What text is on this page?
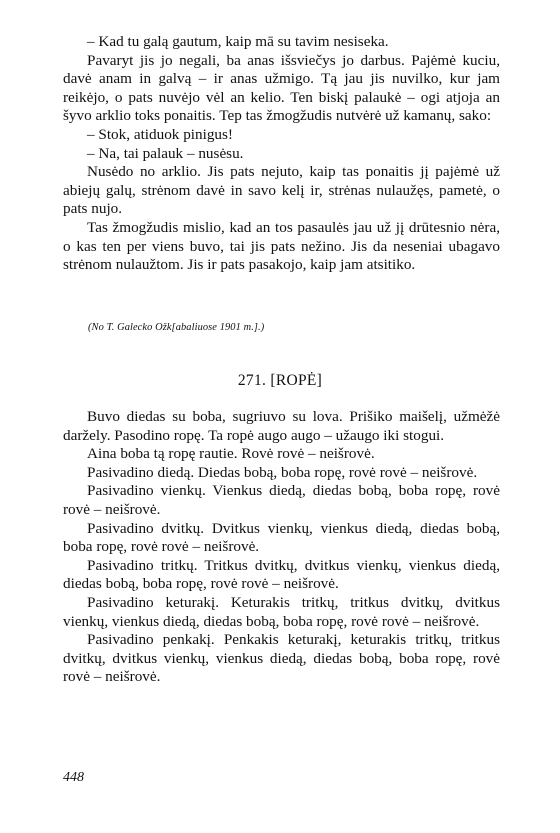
– Kad tu galą gautum, kaip mā su tavim nesiseka.

Pavaryt jis jo negali, ba anas išsviečys jo darbus. Pajėmė kuciu, davė anam in galvą – ir anas užmigo. Tą jau jis nuvilko, kur jam reikėjo, o pats nuvėjo vėl an kelio. Ten biskį palaukė – ogi atjoja an šyvo arklio toks ponaitis. Tep tas žmogžudis nutvėrė už kamanų, sako:

– Stok, atiduok pinigus!

– Na, tai palauk – nusėsu.

Nusėdo no arklio. Jis pats nejuto, kaip tas ponaitis jį pajėmė už abiejų galų, strėnom davė in savo kelį ir, strėnas nulaužęs, pametė, o pats nujo.

Tas žmogžudis mislio, kad an tos pasaulės jau už jį drūtesnio nėra, o kas ten per viens buvo, tai jis pats nežino. Jis da neseniai ubagavo strėnom nulaužtom. Jis ir pats pasakojo, kaip jam atsitiko.

(No T. Galecko Ožk[abaliuose 1901 m.].)
271. [ROPĖ]

Buvo diedas su boba, sugriuvo su lova. Prišiko maišelį, užmėžė daržely. Pasodino ropę. Ta ropė augo augo – užaugo iki stogui.

Aina boba tą ropę rautie. Rovė rovė – neišrovė.

Pasivadino diedą. Diedas bobą, boba ropę, rovė rovė – neišrovė.

Pasivadino vienkų. Vienkus diedą, diedas bobą, boba ropę, rovė rovė – neišrovė.

Pasivadino dvitkų. Dvitkus vienkų, vienkus diedą, diedas bobą, boba ropę, rovė rovė – neišrovė.

Pasivadino tritkų. Tritkus dvitkų, dvitkus vienkų, vienkus diedą, diedas bobą, boba ropę, rovė rovė – neišrovė.

Pasivadino keturakį. Keturakis tritkų, tritkus dvitkų, dvitkus vienkų, vienkus diedą, diedas bobą, boba ropę, rovė rovė – neišrovė.

Pasivadino penkakį. Penkakis keturakį, keturakis tritkų, tritkus dvitkų, dvitkus vienkų, vienkus diedą, diedas bobą, boba ropę, rovė rovė – neišrovė.

448
